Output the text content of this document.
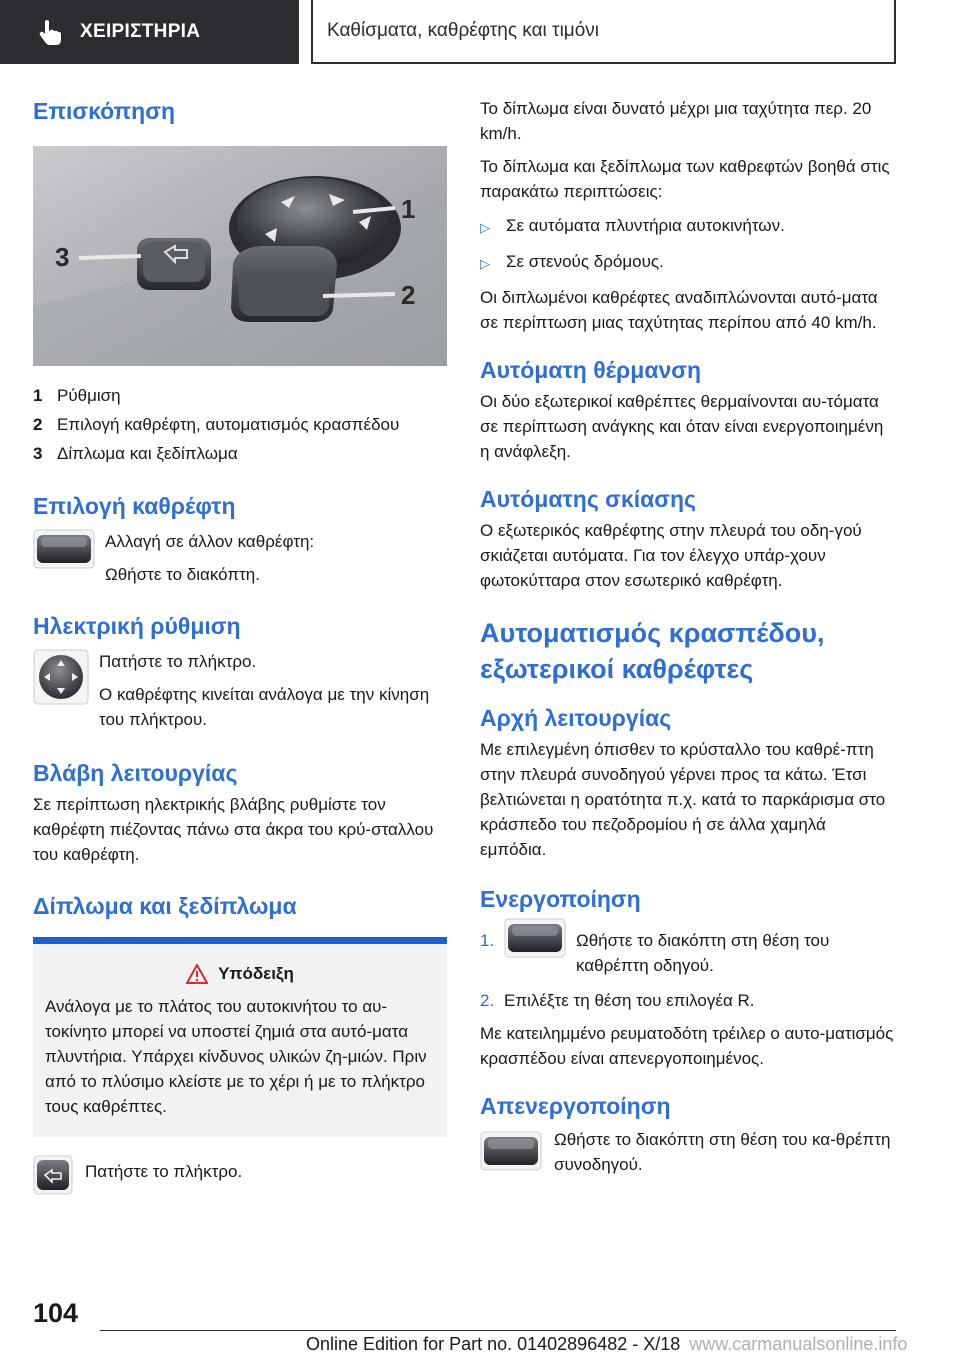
ΧΕΙΡΙΣΤΗΡΙΑ	Καθίσματα, καθρέφτης και τιμόνι
Επισκόπηση
3
1
2
1 Ρύθμιση
2 Επιλογή καθρέφτη, αυτοματισμός κρασπέδου
3 Δίπλωμα και ξεδίπλωμα
Επιλογή καθρέφτη

Αλλαγή σε άλλον καθρέφτη:

Ωθήστε το διακόπτη.

Ηλεκτρική ρύθμιση

Πατήστε το πλήκτρο.

Ο καθρέφτης κινείται ανάλογα με την κίνηση του πλήκτρου.

Βλάβη λειτουργίας

Σε περίπτωση ηλεκτρικής βλάβης ρυθμίστε τον καθρέφτη πιέζοντας πάνω στα άκρα του κρύ-σταλλου του καθρέφτη.

Δίπλωμα και ξεδίπλωμα
Υπόδειξη

Ανάλογα με το πλάτος του αυτοκινήτου το αυ-τοκίνητο μπορεί να υποστεί ζημιά στα αυτό-ματα πλυντήρια. Υπάρχει κίνδυνος υλικών ζη-μιών. Πριν από το πλύσιμο κλείστε με το χέρι ή με το πλήκτρο τους καθρέπτες.

Πατήστε το πλήκτρο.

Το δίπλωμα είναι δυνατό μέχρι μια ταχύτητα περ. 20 km/h.

Το δίπλωμα και ξεδίπλωμα των καθρεφτών βοηθά στις παρακάτω περιπτώσεις:

▷ Σε αυτόματα πλυντήρια αυτοκινήτων.
▷ Σε στενούς δρόμους.

Οι διπλωμένοι καθρέφτες αναδιπλώνονται αυτό-ματα σε περίπτωση μιας ταχύτητας περίπου από 40 km/h.

Αυτόματη θέρμανση

Οι δύο εξωτερικοί καθρέπτες θερμαίνονται αυ-τόματα σε περίπτωση ανάγκης και όταν είναι ενεργοποιημένη η ανάφλεξη.

Αυτόματης σκίασης

Ο εξωτερικός καθρέφτης στην πλευρά του οδη-γού σκιάζεται αυτόματα. Για τον έλεγχο υπάρ-χουν φωτοκύτταρα στον εσωτερικό καθρέφτη.

Αυτοματισμός κρασπέδου, εξωτερικοί καθρέφτες
Αρχή λειτουργίας

Με επιλεγμένη όπισθεν το κρύσταλλο του καθρέ-πτη στην πλευρά συνοδηγού γέρνει προς τα κάτω. Έτσι βελτιώνεται η ορατότητα π.χ. κατά το παρκάρισμα στο κράσπεδο του πεζοδρομίου ή σε άλλα χαμηλά εμπόδια.

Ενεργοποίηση
1.	Ωθήστε το διακόπτη στη θέση του καθρέπτη οδηγού.
2. Επιλέξτε τη θέση του επιλογέα R.

Με κατειλημμένο ρευματοδότη τρέιλερ ο αυτο-ματισμός κρασπέδου είναι απενεργοποιημένος.

Απενεργοποίηση

Ωθήστε το διακόπτη στη θέση του κα-θρέπτη συνοδηγού.

104
Online Edition for Part no. 01402896482 - X/18 www.carmanualsonline.info
